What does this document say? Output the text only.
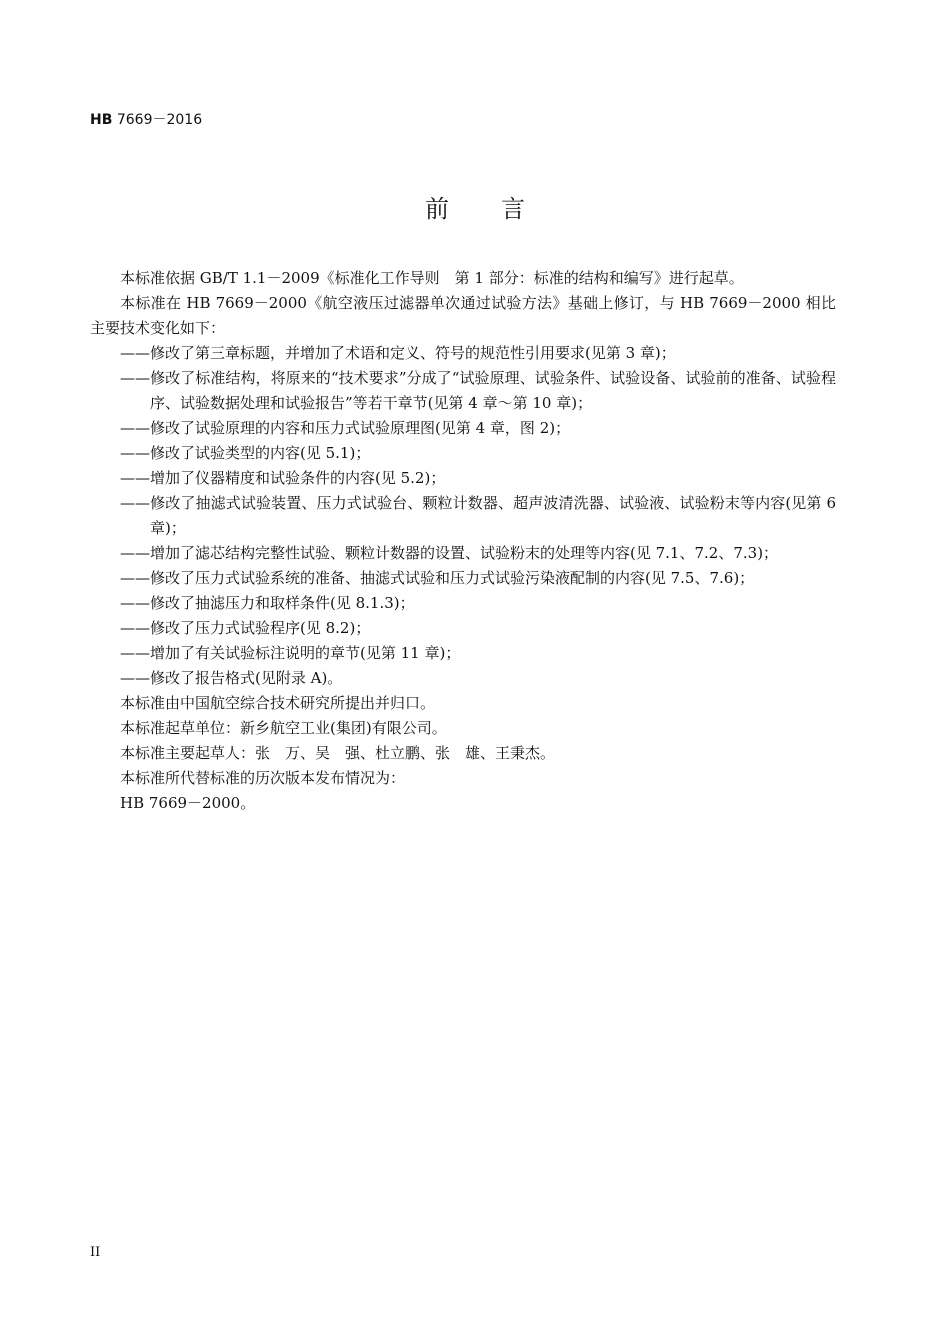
HB 7669－2016
前言

本标准依据 GB/T 1.1－2009《标准化工作导则　第 1 部分：标准的结构和编写》进行起草。

本标准在 HB 7669－2000《航空液压过滤器单次通过试验方法》基础上修订，与 HB 7669－2000 相比主要技术变化如下：

——修改了第三章标题，并增加了术语和定义、符号的规范性引用要求(见第 3 章)；

——修改了标准结构，将原来的“技术要求”分成了“试验原理、试验条件、试验设备、试验前的准备、试验程序、试验数据处理和试验报告”等若干章节(见第 4 章～第 10 章)；

——修改了试验原理的内容和压力式试验原理图(见第 4 章，图 2)；

——修改了试验类型的内容(见 5.1)；

——增加了仪器精度和试验条件的内容(见 5.2)；

——修改了抽滤式试验装置、压力式试验台、颗粒计数器、超声波清洗器、试验液、试验粉末等内容(见第 6 章)；

——增加了滤芯结构完整性试验、颗粒计数器的设置、试验粉末的处理等内容(见 7.1、7.2、7.3)；

——修改了压力式试验系统的准备、抽滤式试验和压力式试验污染液配制的内容(见 7.5、7.6)；

——修改了抽滤压力和取样条件(见 8.1.3)；

——修改了压力式试验程序(见 8.2)；

——增加了有关试验标注说明的章节(见第 11 章)；

——修改了报告格式(见附录 A)。

本标准由中国航空综合技术研究所提出并归口。

本标准起草单位：新乡航空工业(集团)有限公司。

本标准主要起草人：张　万、吴　强、杜立鹏、张　雄、王秉杰。

本标准所代替标准的历次版本发布情况为：

HB 7669－2000。

II
